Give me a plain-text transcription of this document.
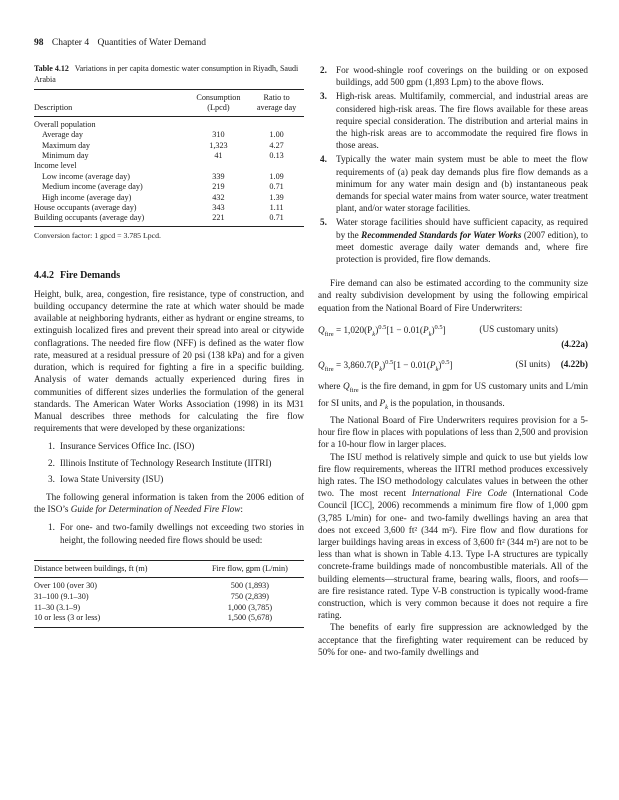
98 Chapter 4 Quantities of Water Demand
Table 4.12 Variations in per capita domestic water consumption in Riyadh, Saudi Arabia
	Consumption	Ratio to
Description	(Lpcd)	average day
Overall population		
Average day	310	1.00
Maximum day	1,323	4.27
Minimum day	41	0.13
Income level		
Low income (average day)	339	1.09
Medium income (average day)	219	0.71
High income (average day)	432	1.39
House occupants (average day)	343	1.11
Building occupants (average day)	221	0.71
Conversion factor: 1 gpcd = 3.785 Lpcd.
4.4.2 Fire Demands

Height, bulk, area, congestion, fire resistance, type of construction, and building occupancy determine the rate at which water should be made available at neighboring hydrants, either as hydrant or engine streams, to extinguish localized fires and prevent their spread into areal or citywide conflagrations. The needed fire flow (NFF) is defined as the water flow rate, measured at a residual pressure of 20 psi (138 kPa) and for a given duration, which is required for fighting a fire in a specific building. Analysis of water demands actually experienced during fires in communities of different sizes underlies the formulation of the general standards. The American Water Works Association (1998) in its M31 Manual describes three methods for calculating the fire flow requirements that were developed by these organizations:

1. Insurance Services Office Inc. (ISO)
2. Illinois Institute of Technology Research Institute (IITRI)
3. Iowa State University (ISU)

The following general information is taken from the 2006 edition of the ISO’s Guide for Determination of Needed Fire Flow:

1. For one- and two-family dwellings not exceeding two stories in height, the following needed fire flows should be used:
Distance between buildings, ft (m)	Fire flow, gpm (L/min)
Over 100 (over 30)	500 (1,893)
31–100 (9.1–30)	750 (2,839)
11–30 (3.1–9)	1,000 (3,785)
10 or less (3 or less)	1,500 (5,678)
2. For wood-shingle roof coverings on the building or on exposed buildings, add 500 gpm (1,893 Lpm) to the above flows.
3. High-risk areas. Multifamily, commercial, and industrial areas are considered high-risk areas. The fire flows available for these areas require special consideration. The distribution and arterial mains in the high-risk areas are to accommodate the required fire flows in those areas.
4. Typically the water main system must be able to meet the flow requirements of (a) peak day demands plus fire flow demands as a minimum for any water main design and (b) instantaneous peak demands for special water mains from water source, water treatment plant, and/or water storage facilities.
5. Water storage facilities should have sufficient capacity, as required by the Recommended Standards for Water Works (2007 edition), to meet domestic average daily water demands and, where fire protection is provided, fire flow demands.

Fire demand can also be estimated according to the community size and realty subdivision development by using the following empirical equation from the National Board of Fire Underwriters:

$Q_{fire} = 1,020(P_k)^{0.5}[1 - 0.01(P_k)^{0.5}]$	(US customary units)
(4.22a)
$Q_{fire} = 3,860.7(P_k)^{0.5}[1 - 0.01(P_k)^{0.5}]$	(SI units) (4.22b)

where $Q_{fire}$ is the fire demand, in gpm for US customary units and L/min for SI units, and $P_k$ is the population, in thousands.

The National Board of Fire Underwriters requires provision for a 5-hour fire flow in places with populations of less than 2,500 and provision for a 10-hour flow in larger places.

The ISU method is relatively simple and quick to use but yields low fire flow requirements, whereas the IITRI method produces excessively high rates. The ISO methodology calculates values in between the other two. The most recent International Fire Code (International Code Council [ICC], 2006) recommends a minimum fire flow of 1,000 gpm (3,785 L/min) for one- and two-family dwellings having an area that does not exceed 3,600 ft² (344 m²). Fire flow and flow durations for larger buildings having areas in excess of 3,600 ft² (344 m²) are not to be less than what is shown in Table 4.13. Type I-A structures are typically concrete-frame buildings made of noncombustible materials. All of the building elements—structural frame, bearing walls, floors, and roofs—are fire resistance rated. Type V-B construction is typically wood-frame construction, which is very common because it does not require a fire rating.

The benefits of early fire suppression are acknowledged by the acceptance that the firefighting water requirement can be reduced by 50% for one- and two-family dwellings and
